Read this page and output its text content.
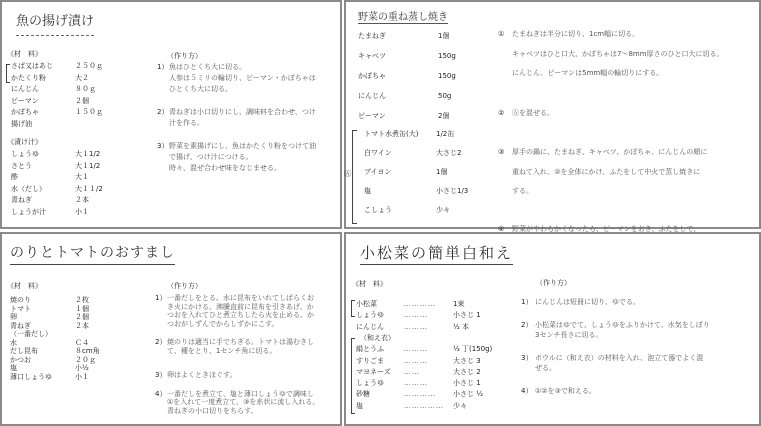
魚の揚げ漬け
《材　料》
さば又はあじ	２５０ｇ
かたくり粉	大２
にんじん	８０ｇ
ピーマン	２個
かぼちゃ	１５０ｇ
揚げ油
《漬け汁》
しょうゆ	大１1/2
さとう	大１1/2
酢	大１
水（だし）	大１１/2
青ねぎ	２本
しょうが汁	小１
（作り方）
1） 魚はひとくち大に切る。
人参は５ミリの輪切り、ピーマン・かぼちゃは
ひとくち大に切る。
2） 青ねぎは小口切りにし、調味料を合わせ、つけ
汁を作る。
3） 野菜を素揚げにし、魚はかたくり粉をつけて油
で揚げ、つけ汁につける。
時々、混ぜ合わせ味をなじませる。
野菜の重ね蒸し焼き
たまねぎ	1個
キャベツ	150g
かぼちゃ	150g
にんじん	50g
ピーマン	2個
Ⓐ
トマト水煮缶(大)	1/2缶
白ワイン	大さじ2
ブイヨン	1個
塩	小さじ1/3
こしょう	少々
① たまねぎは半分に切り、1cm幅に切る。
キャベツはひと口大、かぼちゃは7～8mm厚さのひと口大に切る。
にんじん、ピーマンは5mm幅の輪切りにする。
② Ⓐを混ぜる。
③ 厚手の鍋に、たまねぎ、キャベツ、かぼちゃ、にんじんの順に
重ねて入れ、②を全体にかけ、ふたをして中火で蒸し焼きに
する。
④ 野菜がやわらかくなったら、ピーマンをおき、ふたをして、
のりとトマトのおすまし
《材　料》
焼のり	２枚
トマト	１個
卵	２個
青ねぎ	２本
（一番だし）
水	Ｃ４
だし昆布	８cm角
かつお	２０ｇ
塩	小½
薄口しょうゆ	小１
（作り方）
1） 一番だしをとる。水に昆布をいれてしばらくお
き火にかける。沸騰直前に昆布を引きあげ、か
つおを入れてひと煮立ちしたら火を止める。か
つおがしずんでからしずかにこす。
2） 焼のりは適当に手でちぎる。トマトは湯むきし
て、種をとり、1センチ角に切る。
3） 卵はよくときほぐす。
4） 一番だしを煮立て、塩と薄口しょうゆで調味し
①を入れて一度煮立て、③を糸状に流し入れる。
青ねぎの小口切りをちらす。
小松菜の簡単白和え
《材　料》
小松菜	………… 1束
しょうゆ	………	小さじ 1
にんじん	………	½ 本
（和え衣）
絹とうふ	………	½ 丁(150g)
すりごま	………	大さじ 3
マヨネーズ ……	大さじ 2
しょうゆ	………	小さじ 1
砂糖	………… 小さじ ½
塩	…………… 少々
（作り方）
1） にんじんは短冊に切り、ゆでる。
2） 小松菜はゆでて、しょうゆをふりかけて、水気をしぼり
3センチ長さに切る。
3） ボウルに（和え衣）の材料を入れ、泡立て器でよく混
ぜる。
4） ①②を③で和える。
